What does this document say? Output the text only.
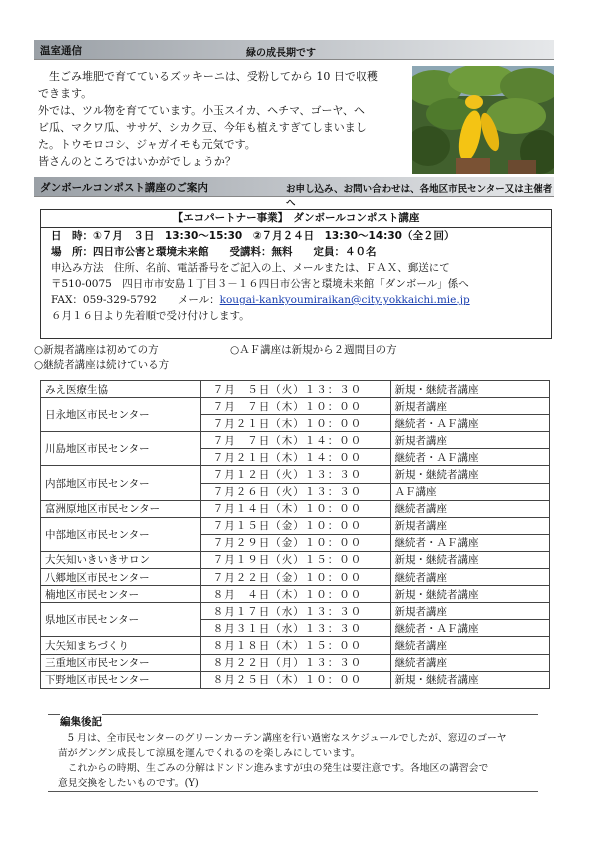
温室通信	緑の成長期です
　生ごみ堆肥で育てているズッキーニは、受粉してから 10 日で収穫
できます。
外では、ツル物を育てています。小玉スイカ、ヘチマ、ゴーヤ、ヘ
ビ瓜、マクワ瓜、ササゲ、シカク豆、今年も植えすぎてしまいまし
た。トウモロコシ、ジャガイモも元気です。
皆さんのところではいかがでしょうか？
ダンボールコンポスト講座のご案内	お申し込み、お問い合わせは、各地区市民センター又は主催者へ
【エコパートナー事業】　ダンボールコンポスト講座
日　時：①７月　３日　13:30～15:30　②７月２４日　13:30～14:30（全２回）
場　所：四日市公害と環境未来館　　受講料：無料　　定員：４０名
申込み方法　住所、名前、電話番号をご記入の上、メールまたは、ＦＡＸ、郵送にて
〒510-0075　四日市市安島１丁目３－１６四日市公害と環境未来館「ダンボール」係へ
FAX：059-329-5792　　メール：kougai-kankyoumiraikan@city.yokkaichi.mie.jp
６月１６日より先着順で受け付けします。
○新規者講座は初めての方	○ＡＦ講座は新規から２週間目の方
○継続者講座は続けている方
みえ医療生協	７月　５日（火）１３：３０	新規・継続者講座
日永地区市民センター	７月　７日（木）１０：００	新規者講座
	７月２１日（木）１０：００	継続者・ＡＦ講座
川島地区市民センター	７月　７日（木）１４：００	新規者講座
	７月２１日（木）１４：００	継続者・ＡＦ講座
内部地区市民センター	７月１２日（火）１３：３０	新規・継続者講座
	７月２６日（火）１３：３０	ＡＦ講座
富洲原地区市民センター	７月１４日（木）１０：００	継続者講座
中部地区市民センター	７月１５日（金）１０：００	新規者講座
	７月２９日（金）１０：００	継続者・ＡＦ講座
大矢知いきいきサロン	７月１９日（火）１５：００	新規・継続者講座
八郷地区市民センター	７月２２日（金）１０：００	継続者講座
楠地区市民センター	８月　４日（木）１０：００	新規・継続者講座
県地区市民センター	８月１７日（水）１３：３０	新規者講座
	８月３１日（水）１３：３０	継続者・ＡＦ講座
大矢知まちづくり	８月１８日（木）１５：００	継続者講座
三重地区市民センター	８月２２日（月）１３：３０	継続者講座
下野地区市民センター	８月２５日（木）１０：００	新規・継続者講座
編集後記
　5 月は、全市民センターのグリーンカーテン講座を行い過密なスケジュールでしたが、窓辺のゴーヤ
苗がグングン成長して涼風を運んでくれるのを楽しみにしています。
　これからの時期、生ごみの分解はドンドン進みますが虫の発生は要注意です。各地区の講習会で
意見交換をしたいものです。(Y)
